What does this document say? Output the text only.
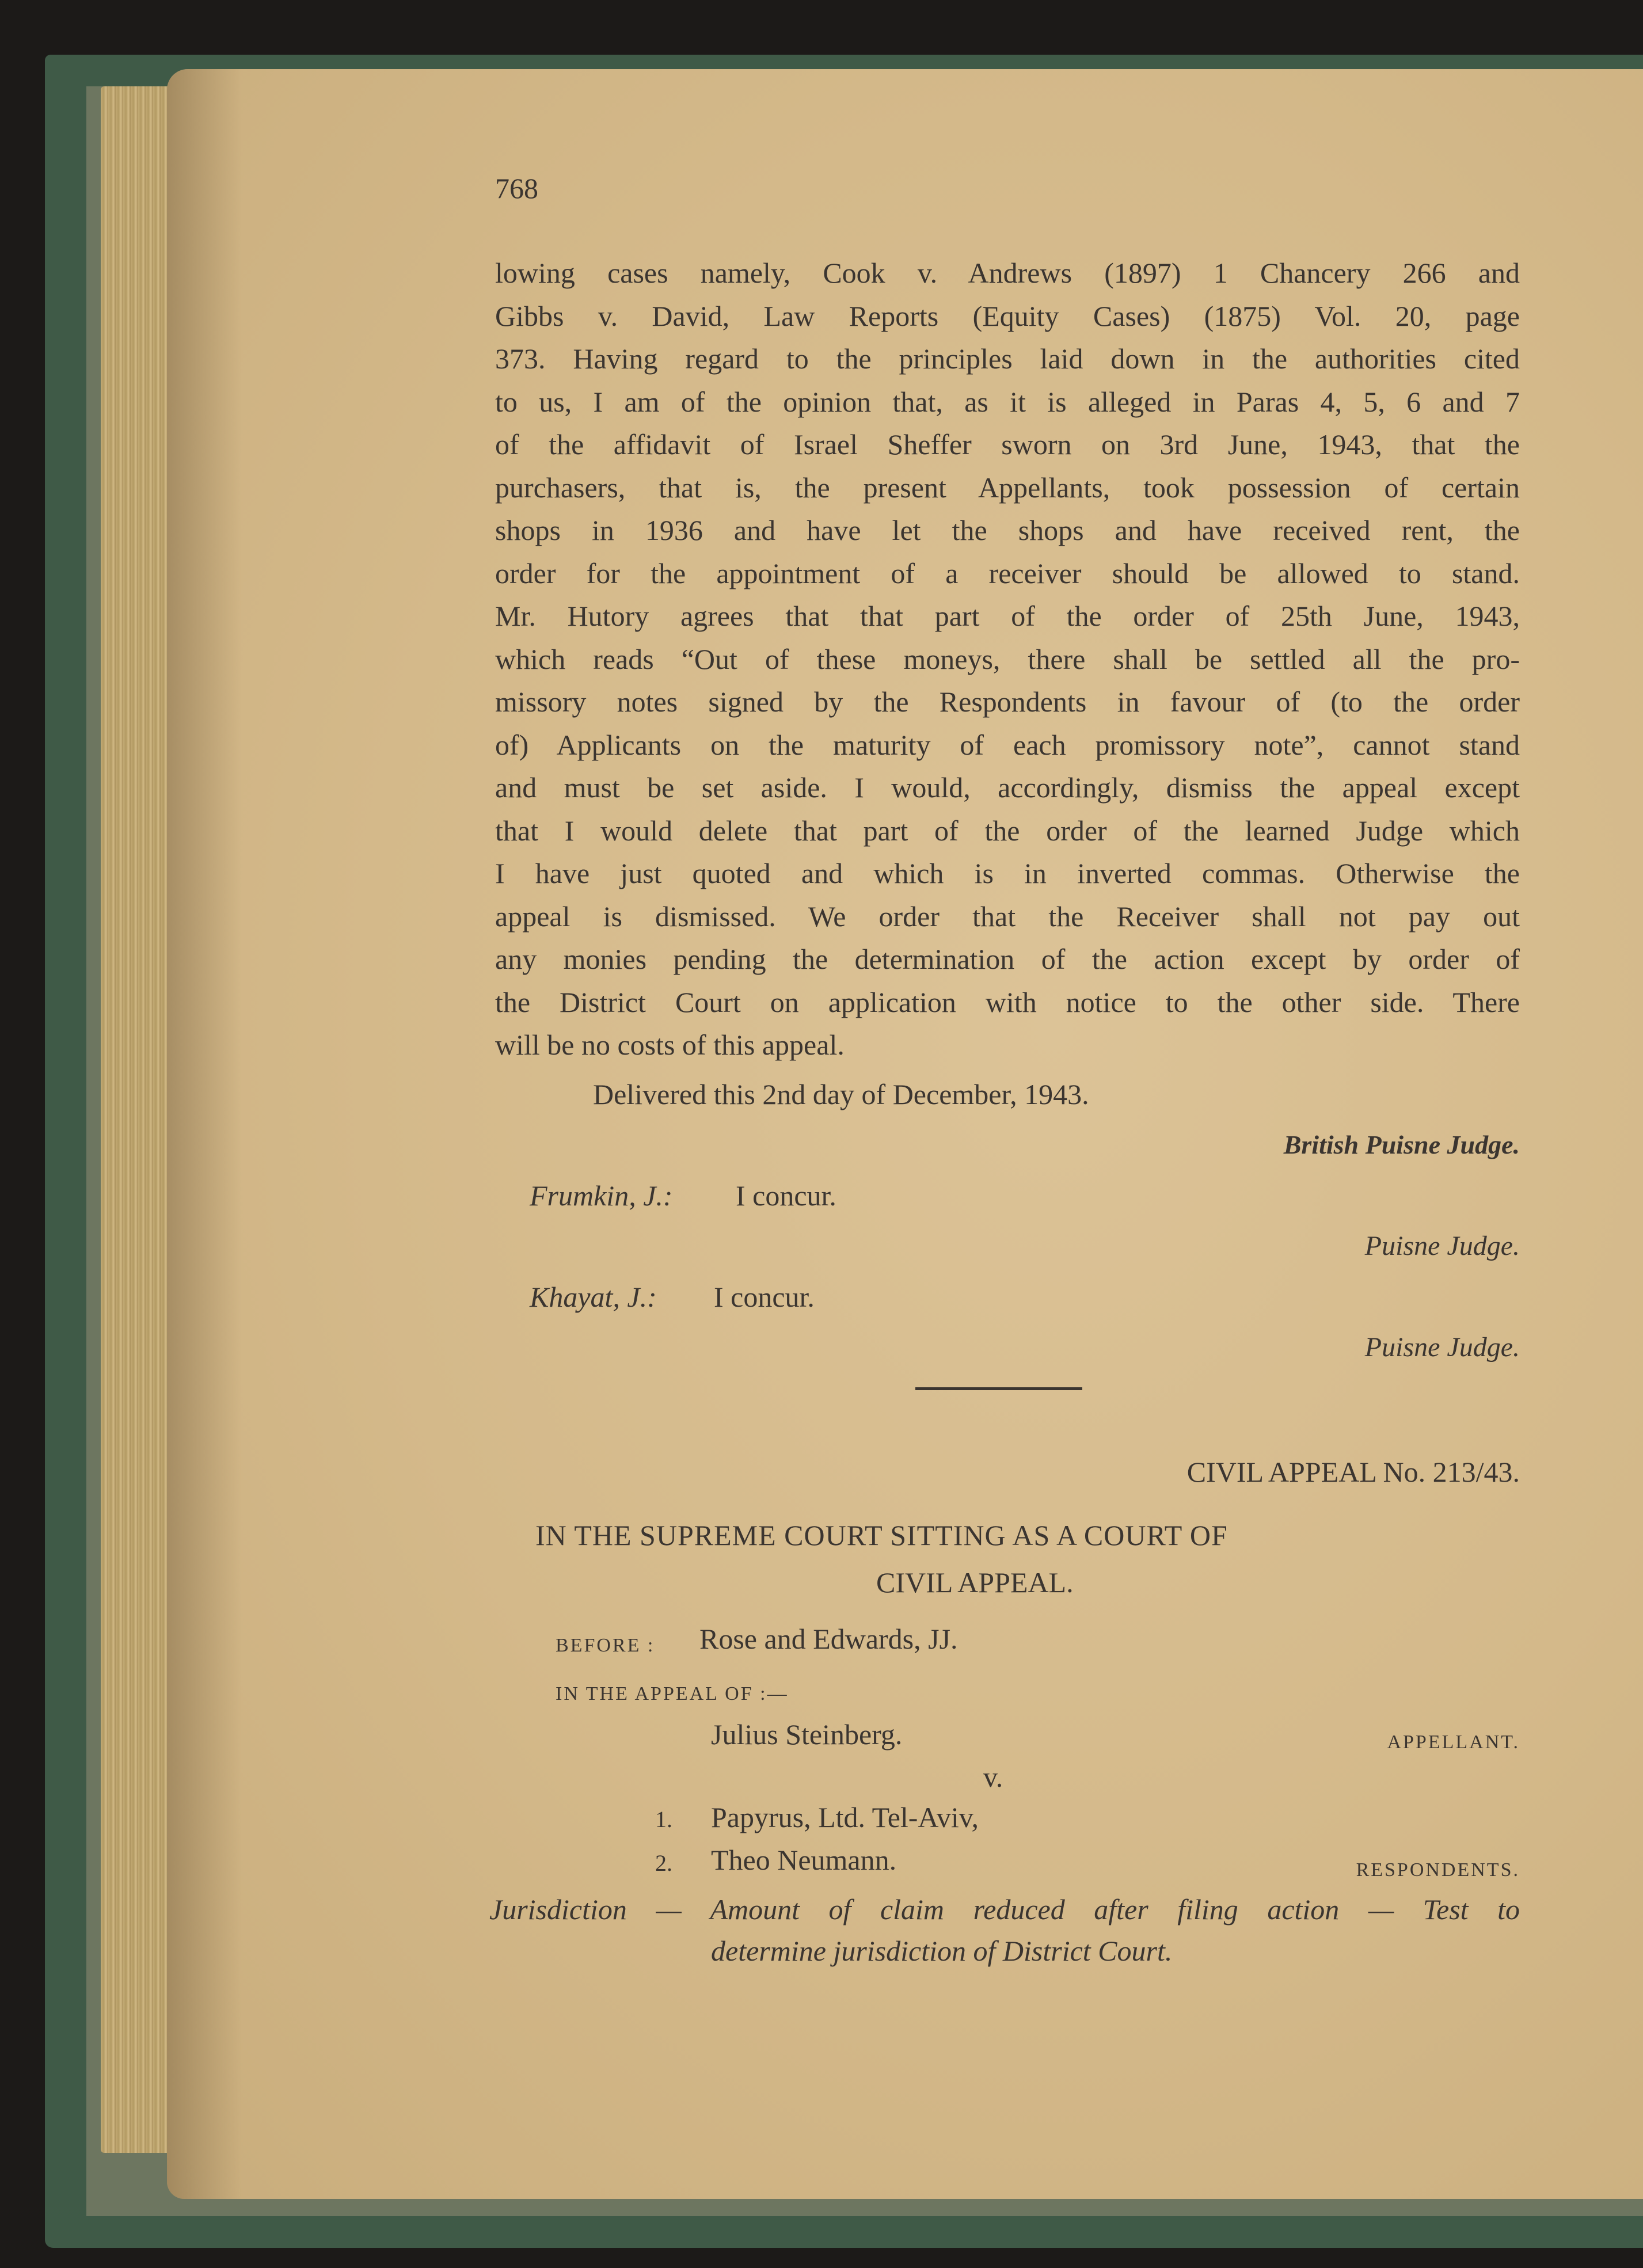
768

lowing cases namely, Cook v. Andrews (1897) 1 Chancery 266 and
Gibbs v. David, Law Reports (Equity Cases) (1875) Vol. 20, page
373. Having regard to the principles laid down in the authorities cited
to us, I am of the opinion that, as it is alleged in Paras 4, 5, 6 and 7
of the affidavit of Israel Sheffer sworn on 3rd June, 1943, that the
purchasers, that is, the present Appellants, took possession of certain
shops in 1936 and have let the shops and have received rent, the
order for the appointment of a receiver should be allowed to stand.
Mr. Hutory agrees that that part of the order of 25th June, 1943,
which reads “Out of these moneys, there shall be settled all the pro-
missory notes signed by the Respondents in favour of (to the order
of) Applicants on the maturity of each promissory note”, cannot stand
and must be set aside. I would, accordingly, dismiss the appeal except
that I would delete that part of the order of the learned Judge which
I have just quoted and which is in inverted commas. Otherwise the
appeal is dismissed. We order that the Receiver shall not pay out
any monies pending the determination of the action except by order of
the District Court on application with notice to the other side. There
will be no costs of this appeal.
Delivered this 2nd day of December, 1943.
British Puisne Judge.
Frumkin, J.: I concur.
Puisne Judge.
Khayat, J.: I concur.
Puisne Judge.
CIVIL APPEAL No. 213/43.
IN THE SUPREME COURT SITTING AS A COURT OF
CIVIL APPEAL.
BEFORE : Rose and Edwards, JJ.
IN THE APPEAL OF :—
Julius Steinberg.	APPELLANT.
v.
1. Papyrus, Ltd. Tel-Aviv,
2. Theo Neumann.	RESPONDENTS.
Jurisdiction — Amount of claim reduced after filing action — Test to
determine jurisdiction of District Court.
